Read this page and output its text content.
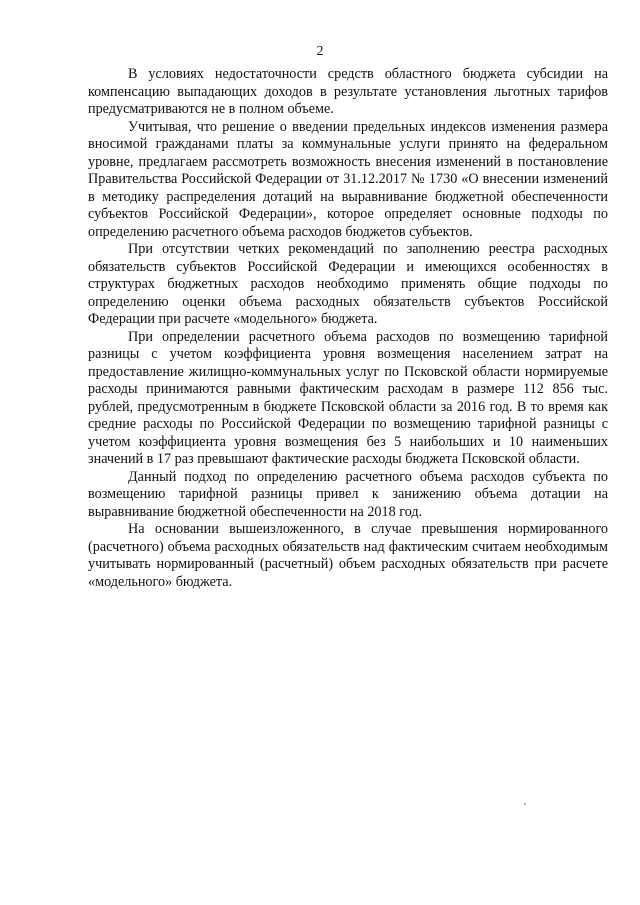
2

В условиях недостаточности средств областного бюджета субсидии на компенсацию выпадающих доходов в результате установления льготных тарифов предусматриваются не в полном объеме.

Учитывая, что решение о введении предельных индексов изменения размера вносимой гражданами платы за коммунальные услуги принято на федеральном уровне, предлагаем рассмотреть возможность внесения изменений в постановление Правительства Российской Федерации от 31.12.2017 № 1730 «О внесении изменений в методику распределения дотаций на выравнивание бюджетной обеспеченности субъектов Российской Федерации», которое определяет основные подходы по определению расчетного объема расходов бюджетов субъектов.

При отсутствии четких рекомендаций по заполнению реестра расходных обязательств субъектов Российской Федерации и имеющихся особенностях в структурах бюджетных расходов необходимо применять общие подходы по определению оценки объема расходных обязательств субъектов Российской Федерации при расчете «модельного» бюджета.

При определении расчетного объема расходов по возмещению тарифной разницы с учетом коэффициента уровня возмещения населением затрат на предоставление жилищно-коммунальных услуг по Псковской области нормируемые расходы принимаются равными фактическим расходам в размере 112 856 тыс. рублей, предусмотренным в бюджете Псковской области за 2016 год. В то время как средние расходы по Российской Федерации по возмещению тарифной разницы с учетом коэффициента уровня возмещения без 5 наибольших и 10 наименьших значений в 17 раз превышают фактические расходы бюджета Псковской области.

Данный подход по определению расчетного объема расходов субъекта по возмещению тарифной разницы привел к занижению объема дотации на выравнивание бюджетной обеспеченности на 2018 год.

На основании вышеизложенного, в случае превышения нормированного (расчетного) объема расходных обязательств над фактическим считаем необходимым учитывать нормированный (расчетный) объем расходных обязательств при расчете «модельного» бюджета.
